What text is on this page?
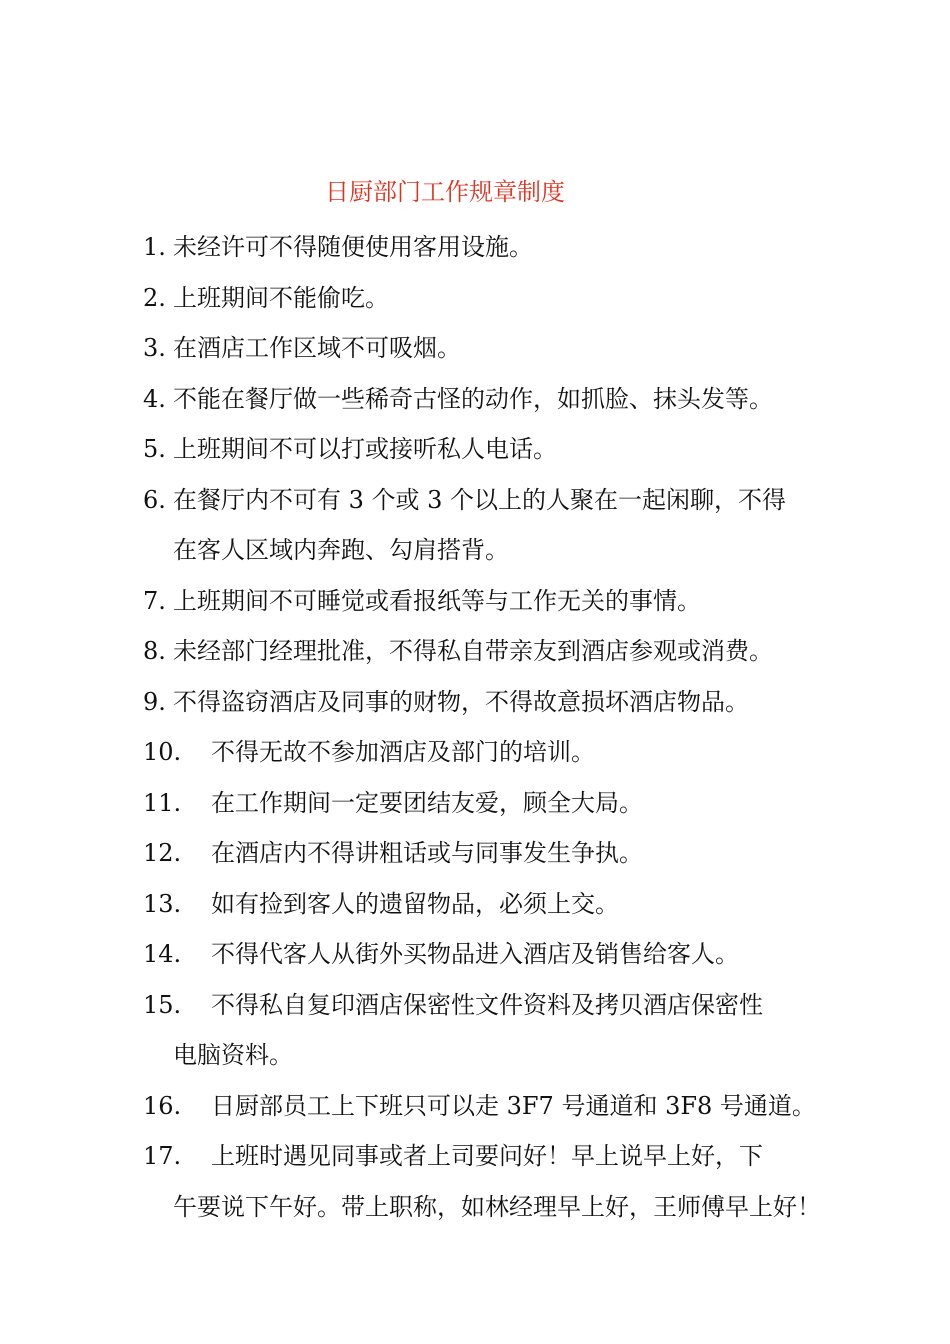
日厨部门工作规章制度
1. 未经许可不得随便使用客用设施。
2. 上班期间不能偷吃。
3. 在酒店工作区域不可吸烟。
4. 不能在餐厅做一些稀奇古怪的动作，如抓脸、抹头发等。
5. 上班期间不可以打或接听私人电话。
6. 在餐厅内不可有 3 个或 3 个以上的人聚在一起闲聊，不得
在客人区域内奔跑、勾肩搭背。
7. 上班期间不可睡觉或看报纸等与工作无关的事情。
8. 未经部门经理批准，不得私自带亲友到酒店参观或消费。
9. 不得盗窃酒店及同事的财物，不得故意损坏酒店物品。
10.	不得无故不参加酒店及部门的培训。
11.	在工作期间一定要团结友爱，顾全大局。
12.	在酒店内不得讲粗话或与同事发生争执。
13.	如有捡到客人的遗留物品，必须上交。
14.	不得代客人从街外买物品进入酒店及销售给客人。
15.	不得私自复印酒店保密性文件资料及拷贝酒店保密性
电脑资料。
16.	日厨部员工上下班只可以走 3F7 号通道和 3F8 号通道。
17.	上班时遇见同事或者上司要问好！早上说早上好，下
午要说下午好。带上职称，如林经理早上好，王师傅早上好！
